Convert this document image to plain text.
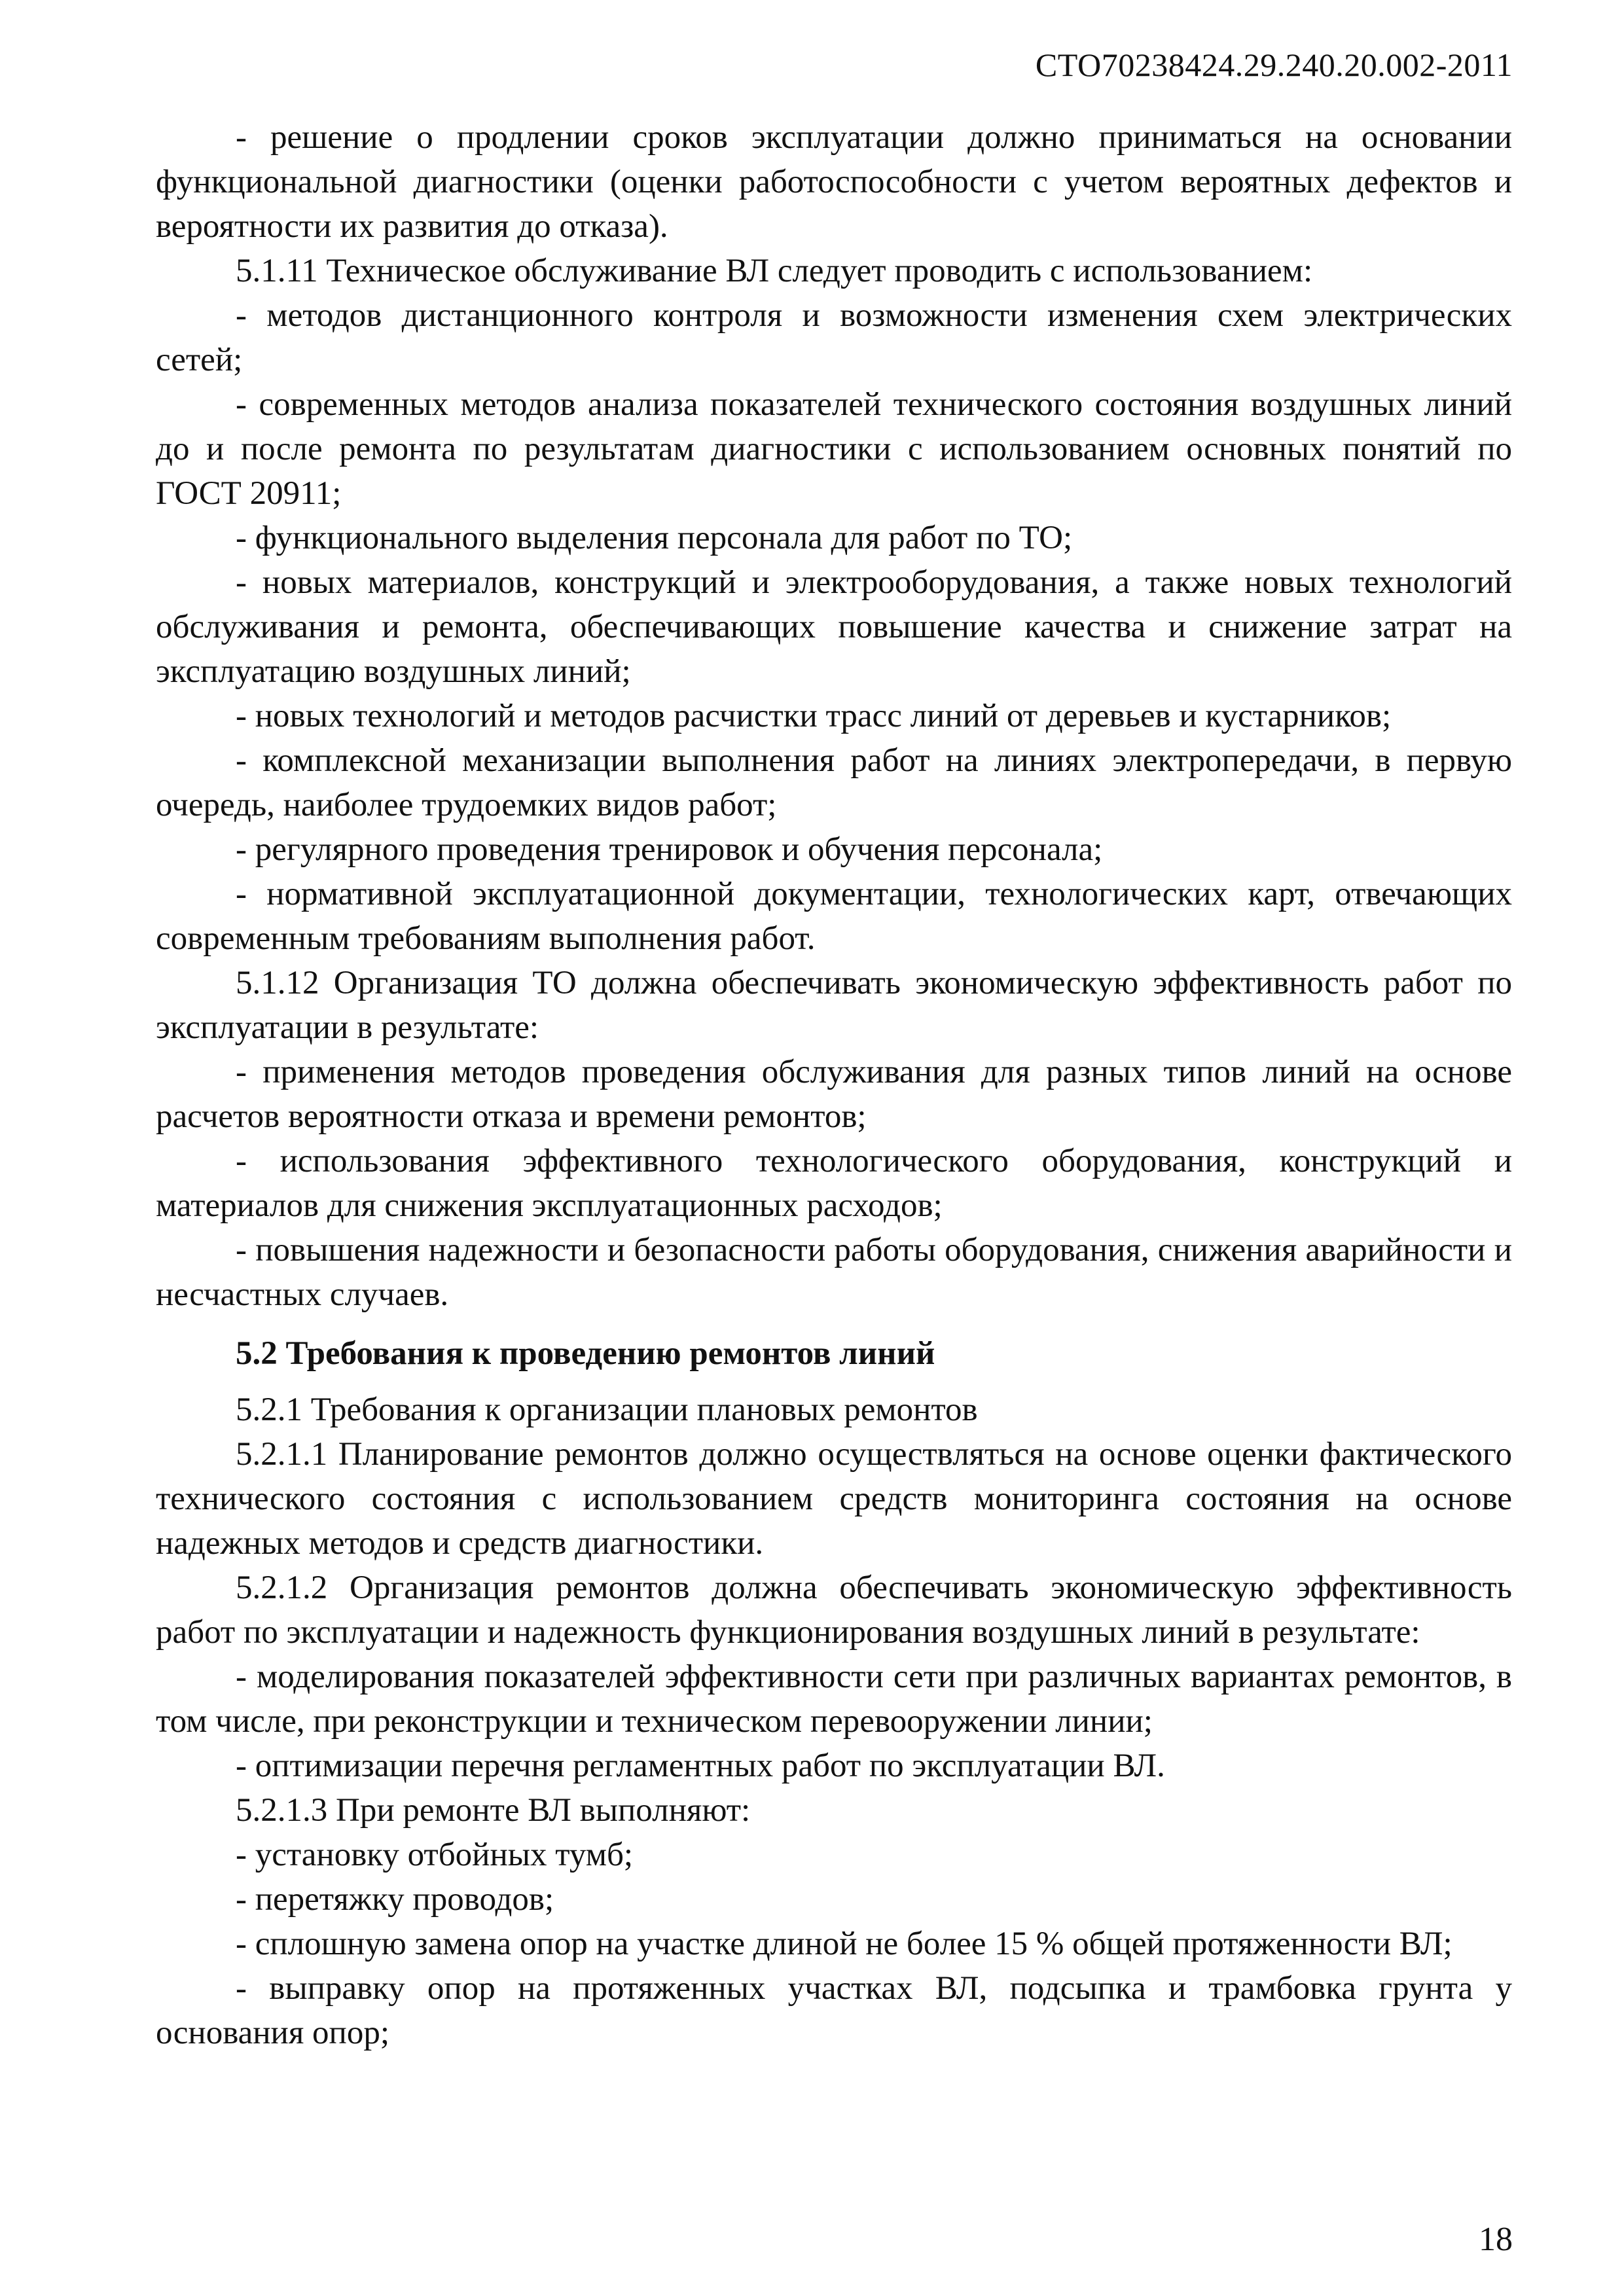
СТО70238424.29.240.20.002-2011

- решение о продлении сроков эксплуатации должно приниматься на основании функциональной диагностики (оценки работоспособности с учетом вероятных дефектов и вероятности их развития до отказа).

5.1.11 Техническое обслуживание ВЛ следует проводить с использованием:

- методов дистанционного контроля и возможности изменения схем электрических сетей;

- современных методов анализа показателей технического состояния воздушных линий до и после ремонта по результатам диагностики с использованием основных понятий по ГОСТ 20911;

- функционального выделения персонала для работ по ТО;

- новых материалов, конструкций и электрооборудования, а также новых технологий обслуживания и ремонта, обеспечивающих повышение качества и снижение затрат на эксплуатацию воздушных линий;

- новых технологий и методов расчистки трасс линий от деревьев и кустарников;

- комплексной механизации выполнения работ на линиях электропередачи, в первую очередь, наиболее трудоемких видов работ;

- регулярного проведения тренировок и обучения персонала;

- нормативной эксплуатационной документации, технологических карт, отвечающих современным требованиям выполнения работ.

5.1.12 Организация ТО должна обеспечивать экономическую эффективность работ по эксплуатации в результате:

- применения методов проведения обслуживания для разных типов линий на основе расчетов вероятности отказа и времени ремонтов;

- использования эффективного технологического оборудования, конструкций и материалов для снижения эксплуатационных расходов;

- повышения надежности и безопасности работы оборудования, снижения аварийности и несчастных случаев.

5.2 Требования к проведению ремонтов линий

5.2.1 Требования к организации плановых ремонтов

5.2.1.1 Планирование ремонтов должно осуществляться на основе оценки фактического технического состояния с использованием средств мониторинга состояния на основе надежных методов и средств диагностики.

5.2.1.2 Организация ремонтов должна обеспечивать экономическую эффективность работ по эксплуатации и надежность функционирования воздушных линий в результате:

- моделирования показателей эффективности сети при различных вариантах ремонтов, в том числе, при реконструкции и техническом перевооружении линии;

- оптимизации перечня регламентных работ по эксплуатации ВЛ.

5.2.1.3 При ремонте ВЛ выполняют:

- установку отбойных тумб;

- перетяжку проводов;

- сплошную замена опор на участке длиной не более 15 % общей протяженности ВЛ;

- выправку опор на протяженных участках ВЛ, подсыпка и трамбовка грунта у основания опор;

18
